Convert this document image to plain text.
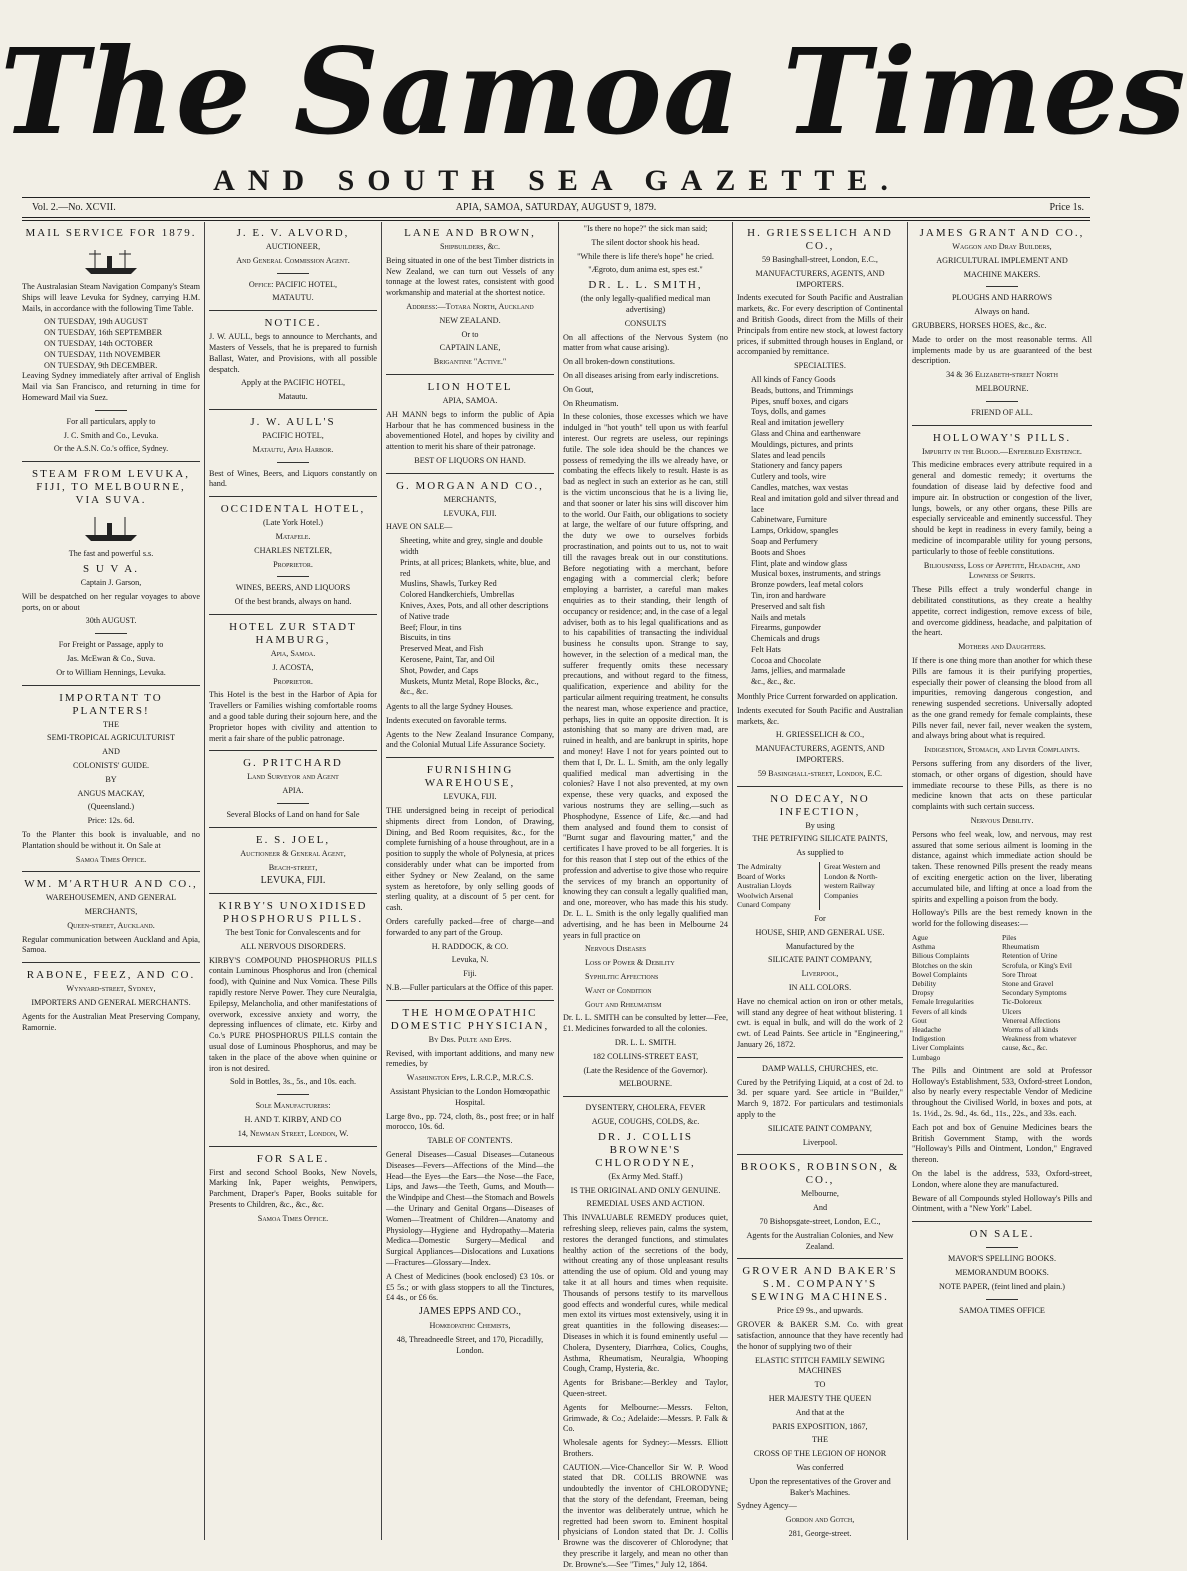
The Samoa Times
AND SOUTH SEA GAZETTE.
Vol. 2.—No. XCVII.	APIA, SAMOA, SATURDAY, AUGUST 9, 1879.	Price 1s.
MAIL SERVICE FOR 1879.

The Australasian Steam Navigation Company's Steam Ships will leave Levuka for Sydney, carrying H.M. Mails, in accordance with the following Time Table.

ON TUESDAY, 19th AUGUST
ON TUESDAY, 16th SEPTEMBER
ON TUESDAY, 14th OCTOBER
ON TUESDAY, 11th NOVEMBER
ON TUESDAY, 9th DECEMBER.

Leaving Sydney immediately after arrival of English Mail via San Francisco, and returning in time for Homeward Mail via Suez.

For all particulars, apply to

J. C. Smith and Co., Levuka.

Or the A.S.N. Co.'s office, Sydney.

STEAM FROM LEVUKA, FIJI, TO MELBOURNE, VIA SUVA.

The fast and powerful s.s.

S U V A.

Captain J. Garson,

Will be despatched on her regular voyages to above ports, on or about

30th AUGUST.

For Freight or Passage, apply to

Jas. McEwan & Co., Suva.

Or to William Hennings, Levuka.

IMPORTANT TO PLANTERS!

THE

SEMI-TROPICAL AGRICULTURIST

AND

COLONISTS' GUIDE.

BY

ANGUS MACKAY,

(Queensland.)

Price: 12s. 6d.

To the Planter this book is invaluable, and no Plantation should be without it. On Sale at

Samoa Times Office.

WM. M'ARTHUR AND CO.,

WAREHOUSEMEN, AND GENERAL

MERCHANTS,

Queen-street, Auckland.

Regular communication between Auckland and Apia, Samoa.

RABONE, FEEZ, AND CO.

Wynyard-street, Sydney,

IMPORTERS AND GENERAL MERCHANTS.

Agents for the Australian Meat Preserving Company, Ramornie.

J. E. V. ALVORD,

AUCTIONEER,

And General Commission Agent.

Office: PACIFIC HOTEL,

MATAUTU.

NOTICE.

J. W. AULL, begs to announce to Merchants, and Masters of Vessels, that he is prepared to furnish Ballast, Water, and Provisions, with all possible despatch.

Apply at the PACIFIC HOTEL,

Matautu.

J. W. AULL'S

PACIFIC HOTEL,

Matautu, Apia Harbor.

Best of Wines, Beers, and Liquors constantly on hand.

OCCIDENTAL HOTEL,

(Late York Hotel.)

Matafele.

CHARLES NETZLER,

Proprietor.

WINES, BEERS, AND LIQUORS

Of the best brands, always on hand.

HOTEL ZUR STADT HAMBURG,

Apia, Samoa.

J. ACOSTA,

Proprietor.

This Hotel is the best in the Harbor of Apia for Travellers or Families wishing comfortable rooms and a good table during their sojourn here, and the Proprietor hopes with civility and attention to merit a fair share of the public patronage.

G. PRITCHARD

Land Surveyor and Agent

APIA.

Several Blocks of Land on hand for Sale

E. S. JOEL,

Auctioneer & General Agent,

Beach-street,

LEVUKA, FIJI.

KIRBY'S UNOXIDISED PHOSPHORUS PILLS.

The best Tonic for Convalescents and for

ALL NERVOUS DISORDERS.

KIRBY'S COMPOUND PHOSPHORUS PILLS contain Luminous Phosphorus and Iron (chemical food), with Quinine and Nux Vomica. These Pills rapidly restore Nerve Power. They cure Neuralgia, Epilepsy, Melancholia, and other manifestations of overwork, excessive anxiety and worry, the depressing influences of climate, etc. Kirby and Co.'s PURE PHOSPHORUS PILLS contain the usual dose of Luminous Phosphorus, and may be taken in the place of the above when quinine or iron is not desired.

Sold in Bottles, 3s., 5s., and 10s. each.

Sole Manufacturers:

H. AND T. KIRBY, AND CO

14, Newman Street, London, W.

FOR SALE.

First and second School Books, New Novels, Marking Ink, Paper weights, Penwipers, Parchment, Draper's Paper, Books suitable for Presents to Children, &c., &c., &c.

Samoa Times Office.

LANE AND BROWN,

Shipbuilders, &c.

Being situated in one of the best Timber districts in New Zealand, we can turn out Vessels of any tonnage at the lowest rates, consistent with good workmanship and material at the shortest notice.

Address:—Totara North, Auckland

NEW ZEALAND.

Or to

CAPTAIN LANE,

Brigantine "Active."

LION HOTEL

APIA, SAMOA.

AH MANN begs to inform the public of Apia Harbour that he has commenced business in the abovementioned Hotel, and hopes by civility and attention to merit his share of their patronage.

BEST OF LIQUORS ON HAND.

G. MORGAN AND CO.,

MERCHANTS,

LEVUKA, FIJI.

HAVE ON SALE—

Sheeting, white and grey, single and double width
Prints, at all prices; Blankets, white, blue, and red
Muslins, Shawls, Turkey Red
Colored Handkerchiefs, Umbrellas
Knives, Axes, Pots, and all other descriptions of Native trade
Beef; Flour, in tins
Biscuits, in tins
Preserved Meat, and Fish
Kerosene, Paint, Tar, and Oil
Shot, Powder, and Caps
Muskets, Muntz Metal, Rope Blocks, &c., &c., &c.

Agents to all the large Sydney Houses.

Indents executed on favorable terms.

Agents to the New Zealand Insurance Company, and the Colonial Mutual Life Assurance Society.

FURNISHING WAREHOUSE,

LEVUKA, FIJI.

THE undersigned being in receipt of periodical shipments direct from London, of Drawing, Dining, and Bed Room requisites, &c., for the complete furnishing of a house throughout, are in a position to supply the whole of Polynesia, at prices considerably under what can be imported from either Sydney or New Zealand, on the same system as heretofore, by only selling goods of sterling quality, at a discount of 5 per cent. for cash.

Orders carefully packed—free of charge—and forwarded to any part of the Group.

H. RADDOCK, & CO.

Levuka, N.

Fiji.

N.B.—Fuller particulars at the Office of this paper.

THE HOMŒOPATHIC DOMESTIC PHYSICIAN,

By Drs. Pulte and Epps.

Revised, with important additions, and many new remedies, by

Washington Epps, L.R.C.P., M.R.C.S.

Assistant Physician to the London Homœopathic Hospital.

Large 8vo., pp. 724, cloth, 8s., post free; or in half morocco, 10s. 6d.

TABLE OF CONTENTS.

General Diseases—Casual Diseases—Cutaneous Diseases—Fevers—Affections of the Mind—the Head—the Eyes—the Ears—the Nose—the Face, Lips, and Jaws—the Teeth, Gums, and Mouth—the Windpipe and Chest—the Stomach and Bowels—the Urinary and Genital Organs—Diseases of Women—Treatment of Children—Anatomy and Physiology—Hygiene and Hydropathy—Materia Medica—Domestic Surgery—Medical and Surgical Appliances—Dislocations and Luxations—Fractures—Glossary—Index.

A Chest of Medicines (book enclosed) £3 10s. or £5 5s.; or with glass stoppers to all the Tinctures, £4 4s., or £6 6s.

JAMES EPPS AND CO.,

Homœopathic Chemists,

48, Threadneedle Street, and 170, Piccadilly, London.

"Is there no hope?" the sick man said;

The silent doctor shook his head.

"While there is life there's hope" he cried.

"Ægroto, dum anima est, spes est."

DR. L. L. SMITH,

(the only legally-qualified medical man advertising)

CONSULTS

On all affections of the Nervous System (no matter from what cause arising).

On all broken-down constitutions.

On all diseases arising from early indiscretions.

On Gout,

On Rheumatism.

In these colonies, those excesses which we have indulged in "hot youth" tell upon us with fearful interest. Our regrets are useless, our repinings futile. The sole idea should be the chances we possess of remedying the ills we already have, or combating the effects likely to result. Haste is as bad as neglect in such an exterior as he can, still is the victim unconscious that he is a living lie, and that sooner or later his sins will discover him to the world. Our Faith, our obligations to society at large, the welfare of our future offspring, and the duty we owe to ourselves forbids procrastination, and points out to us, not to wait till the ravages break out in our constitutions. Before negotiating with a merchant, before engaging with a commercial clerk; before employing a barrister, a careful man makes enquiries as to their standing, their length of occupancy or residence; and, in the case of a legal adviser, both as to his legal qualifications and as to his capabilities of transacting the individual business he consults upon. Strange to say, however, in the selection of a medical man, the sufferer frequently omits these necessary precautions, and without regard to the fitness, qualification, experience and ability for the particular ailment requiring treatment, he consults the nearest man, whose experience and practice, perhaps, lies in quite an opposite direction. It is astonishing that so many are driven mad, are ruined in health, and are bankrupt in spirits, hope and money! Have I not for years pointed out to them that I, Dr. L. L. Smith, am the only legally qualified medical man advertising in the colonies? Have I not also prevented, at my own expense, these very quacks, and exposed the various nostrums they are selling,—such as Phosphodyne, Essence of Life, &c.—and had them analysed and found them to consist of "Burnt sugar and flavouring matter," and the certificates I have proved to be all forgeries. It is for this reason that I step out of the ethics of the profession and advertise to give those who require the services of my branch an opportunity of knowing they can consult a legally qualified man, and one, moreover, who has made this his study. Dr. L. L. Smith is the only legally qualified man advertising, and he has been in Melbourne 24 years in full practice on

Nervous Diseases

Loss of Power & Debility

Syphilitic Affections

Want of Condition

Gout and Rheumatism

Dr. L. L. SMITH can be consulted by letter—Fee, £1. Medicines forwarded to all the colonies.

DR. L. L. SMITH.

182 COLLINS-STREET EAST,

(Late the Residence of the Governor).

MELBOURNE.

DYSENTERY, CHOLERA, FEVER

AGUE, COUGHS, COLDS, &c.

DR. J. COLLIS BROWNE'S CHLORODYNE,

(Ex Army Med. Staff.)

IS THE ORIGINAL AND ONLY GENUINE.

REMEDIAL USES AND ACTION.

This INVALUABLE REMEDY produces quiet, refreshing sleep, relieves pain, calms the system, restores the deranged functions, and stimulates healthy action of the secretions of the body, without creating any of those unpleasant results attending the use of opium. Old and young may take it at all hours and times when requisite. Thousands of persons testify to its marvellous good effects and wonderful cures, while medical men extol its virtues most extensively, using it in great quantities in the following diseases:— Diseases in which it is found eminently useful — Cholera, Dysentery, Diarrhœa, Colics, Coughs, Asthma, Rheumatism, Neuralgia, Whooping Cough, Cramp, Hysteria, &c.

Agents for Brisbane:—Berkley and Taylor, Queen-street.

Agents for Melbourne:—Messrs. Felton, Grimwade, & Co.; Adelaide:—Messrs. P. Falk & Co.

Wholesale agents for Sydney:—Messrs. Elliott Brothers.

CAUTION.—Vice-Chancellor Sir W. P. Wood stated that DR. COLLIS BROWNE was undoubtedly the inventor of CHLORODYNE; that the story of the defendant, Freeman, being the inventor was deliberately untrue, which he regretted had been sworn to. Eminent hospital physicians of London stated that Dr. J. Collis Browne was the discoverer of Chlorodyne; that they prescribe it largely, and mean no other than Dr. Browne's.—See "Times," July 12, 1864.

H. GRIESSELICH AND CO.,

59 Basinghall-street, London, E.C.,

MANUFACTURERS, AGENTS, AND IMPORTERS.

Indents executed for South Pacific and Australian markets, &c. For every description of Continental and British Goods, direct from the Mills of their Principals from entire new stock, at lowest factory prices, if submitted through houses in England, or accompanied by remittance.

SPECIALTIES.

All kinds of Fancy Goods
Beads, buttons, and Trimmings
Pipes, snuff boxes, and cigars
Toys, dolls, and games
Real and imitation jewellery
Glass and China and earthenware
Mouldings, pictures, and prints
Slates and lead pencils
Stationery and fancy papers
Cutlery and tools, wire
Candles, matches, wax vestas
Real and imitation gold and silver thread and lace
Cabinetware, Furniture
Lamps, Orkidow, spangles
Soap and Perfumery
Boots and Shoes
Flint, plate and window glass
Musical boxes, instruments, and strings
Bronze powders, leaf metal colors
Tin, iron and hardware
Preserved and salt fish
Nails and metals
Firearms, gunpowder
Chemicals and drugs
Felt Hats
Cocoa and Chocolate
Jams, jellies, and marmalade
&c., &c., &c.

Monthly Price Current forwarded on application.

Indents executed for South Pacific and Australian markets, &c.

H. GRIESSELICH & CO.,

MANUFACTURERS, AGENTS, AND IMPORTERS.

59 Basinghall-street, London, E.C.

NO DECAY, NO INFECTION,

By using

THE PETRIFYING SILICATE PAINTS,

As supplied to

The Admiralty
Board of Works
Australian Lloyds
Woolwich Arsenal
Cunard Company
Great Western and
London & North-
western Railway
Companies

For

HOUSE, SHIP, AND GENERAL USE.

Manufactured by the

SILICATE PAINT COMPANY,

Liverpool,

IN ALL COLORS.

Have no chemical action on iron or other metals, will stand any degree of heat without blistering. 1 cwt. is equal in bulk, and will do the work of 2 cwt. of Lead Paints. See article in "Engineering," January 26, 1872.

DAMP WALLS, CHURCHES, etc.

Cured by the Petrifying Liquid, at a cost of 2d. to 3d. per square yard. See article in "Builder," March 9, 1872. For particulars and testimonials apply to the

SILICATE PAINT COMPANY,

Liverpool.

BROOKS, ROBINSON, & CO.,

Melbourne,

And

70 Bishopsgate-street, London, E.C.,

Agents for the Australian Colonies, and New Zealand.

GROVER AND BAKER'S S.M. COMPANY'S SEWING MACHINES.

Price £9 9s., and upwards.

GROVER & BAKER S.M. Co. with great satisfaction, announce that they have recently had the honor of supplying two of their

ELASTIC STITCH FAMILY SEWING MACHINES

TO

HER MAJESTY THE QUEEN

And that at the

PARIS EXPOSITION, 1867,

THE

CROSS OF THE LEGION OF HONOR

Was conferred

Upon the representatives of the Grover and Baker's Machines.

Sydney Agency—

Gordon and Gotch,

281, George-street.

JAMES GRANT AND CO.,

Waggon and Dray Builders,

AGRICULTURAL IMPLEMENT AND

MACHINE MAKERS.

PLOUGHS AND HARROWS

Always on hand.

GRUBBERS, HORSES HOES, &c., &c.

Made to order on the most reasonable terms. All implements made by us are guaranteed of the best description.

34 & 36 Elizabeth-street North

MELBOURNE.

FRIEND OF ALL.

HOLLOWAY'S PILLS.

Impurity in the Blood.—Enfeebled Existence.

This medicine embraces every attribute required in a general and domestic remedy; it overturns the foundation of disease laid by defective food and impure air. In obstruction or congestion of the liver, lungs, bowels, or any other organs, these Pills are especially serviceable and eminently successful. They should be kept in readiness in every family, being a medicine of incomparable utility for young persons, particularly to those of feeble constitutions.

Biliousness, Loss of Appetite, Headache, and Lowness of Spirits.

These Pills effect a truly wonderful change in debilitated constitutions, as they create a healthy appetite, correct indigestion, remove excess of bile, and overcome giddiness, headache, and palpitation of the heart.

Mothers and Daughters.

If there is one thing more than another for which these Pills are famous it is their purifying properties, especially their power of cleansing the blood from all impurities, removing dangerous congestion, and renewing suspended secretions. Universally adopted as the one grand remedy for female complaints, these Pills never fail, never fail, never weaken the system, and always bring about what is required.

Indigestion, Stomach, and Liver Complaints.

Persons suffering from any disorders of the liver, stomach, or other organs of digestion, should have immediate recourse to these Pills, as there is no medicine known that acts on these particular complaints with such certain success.

Nervous Debility.

Persons who feel weak, low, and nervous, may rest assured that some serious ailment is looming in the distance, against which immediate action should be taken. These renowned Pills present the ready means of exciting energetic action on the liver, liberating accumulated bile, and lifting at once a load from the spirits and expelling a poison from the body.

Holloway's Pills are the best remedy known in the world for the following diseases:—

Ague
Asthma
Bilious Complaints
Blotches on the skin
Bowel Complaints
Debility
Dropsy
Female Irregularities
Fevers of all kinds
Gout
Headache
Indigestion
Liver Complaints
Lumbago
Piles
Rheumatism
Retention of Urine
Scrofula, or King's Evil
Sore Throat
Stone and Gravel
Secondary Symptoms
Tic-Doloreux
Ulcers
Venereal Affections
Worms of all kinds
Weakness from whatever cause, &c., &c.

The Pills and Ointment are sold at Professor Holloway's Establishment, 533, Oxford-street London, also by nearly every respectable Vendor of Medicine throughout the Civilised World, in boxes and pots, at 1s. 1½d., 2s. 9d., 4s. 6d., 11s., 22s., and 33s. each.

Each pot and box of Genuine Medicines bears the British Government Stamp, with the words "Holloway's Pills and Ointment, London," Engraved thereon.

On the label is the address, 533, Oxford-street, London, where alone they are manufactured.

Beware of all Compounds styled Holloway's Pills and Ointment, with a "New York" Label.

ON SALE.

MAVOR'S SPELLING BOOKS.

MEMORANDUM BOOKS.

NOTE PAPER, (feint lined and plain.)

SAMOA TIMES OFFICE
